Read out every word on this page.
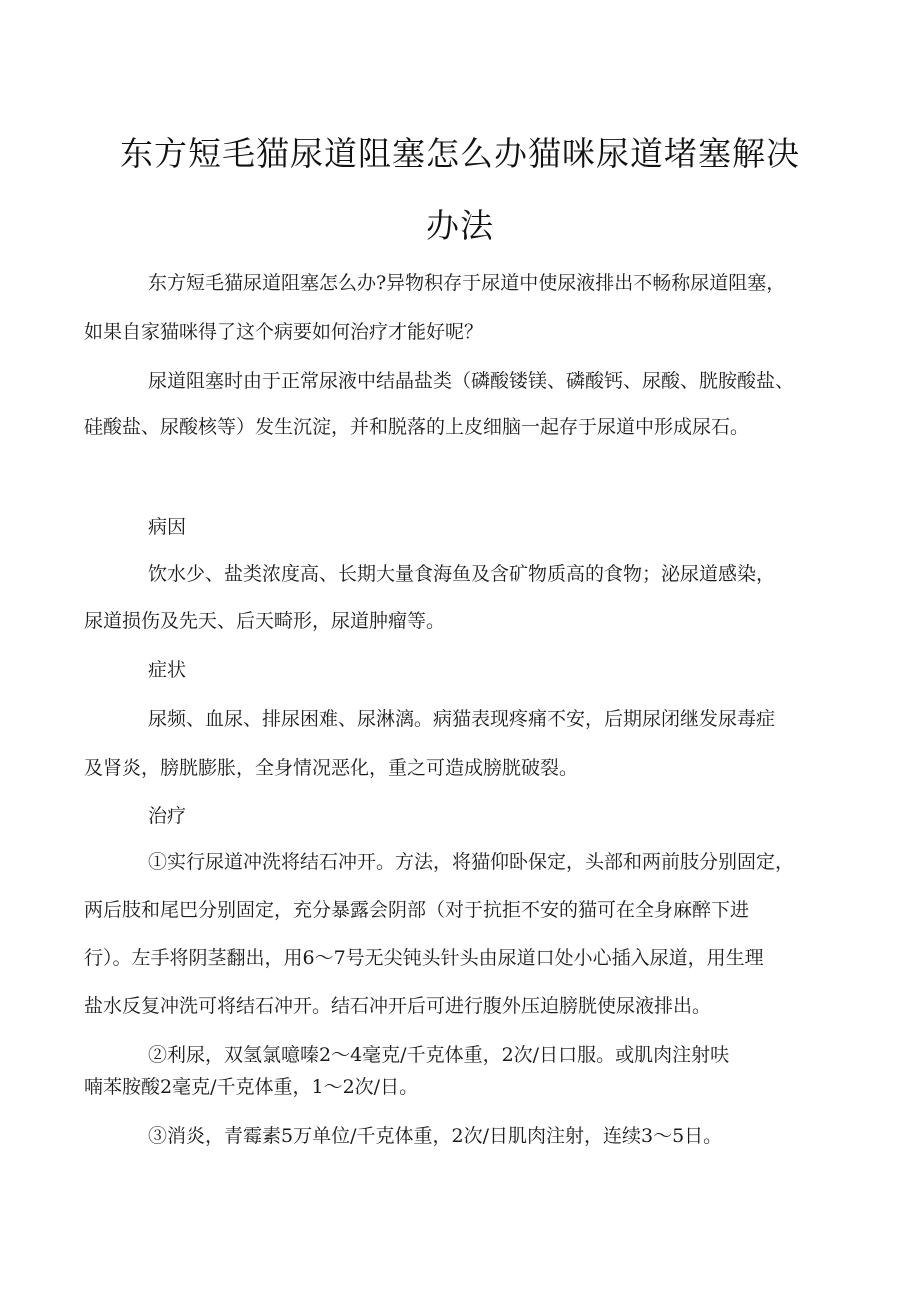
东方短毛猫尿道阻塞怎么办猫咪尿道堵塞解决
办法
东方短毛猫尿道阻塞怎么办?异物积存于尿道中使尿液排出不畅称尿道阻塞，
如果自家猫咪得了这个病要如何治疗才能好呢？
尿道阻塞时由于正常尿液中结晶盐类（磷酸镂镁、磷酸钙、尿酸、胱胺酸盐、
硅酸盐、尿酸核等）发生沉淀，并和脱落的上皮细脑一起存于尿道中形成尿石。
病因
饮水少、盐类浓度高、长期大量食海鱼及含矿物质高的食物；泌尿道感染，
尿道损伤及先天、后天畸形，尿道肿瘤等。
症状
尿频、血尿、排尿困难、尿淋漓。病猫表现疼痛不安，后期尿闭继发尿毒症
及肾炎，膀胱膨胀，全身情况恶化，重之可造成膀胱破裂。
治疗
①实行尿道冲洗将结石冲开。方法，将猫仰卧保定，头部和两前肢分别固定，
两后肢和尾巴分别固定，充分暴露会阴部（对于抗拒不安的猫可在全身麻醉下进
行）。左手将阴茎翻出，用6～7号无尖钝头针头由尿道口处小心插入尿道，用生理
盐水反复冲洗可将结石冲开。结石冲开后可进行腹外压迫膀胱使尿液排出。
②利尿，双氢氯噫嗪2～4毫克/千克体重，2次/日口服。或肌肉注射呋
喃苯胺酸2毫克/千克体重，1～2次/日。
③消炎，青霉素5万单位/千克体重，2次/日肌肉注射，连续3～5日。
